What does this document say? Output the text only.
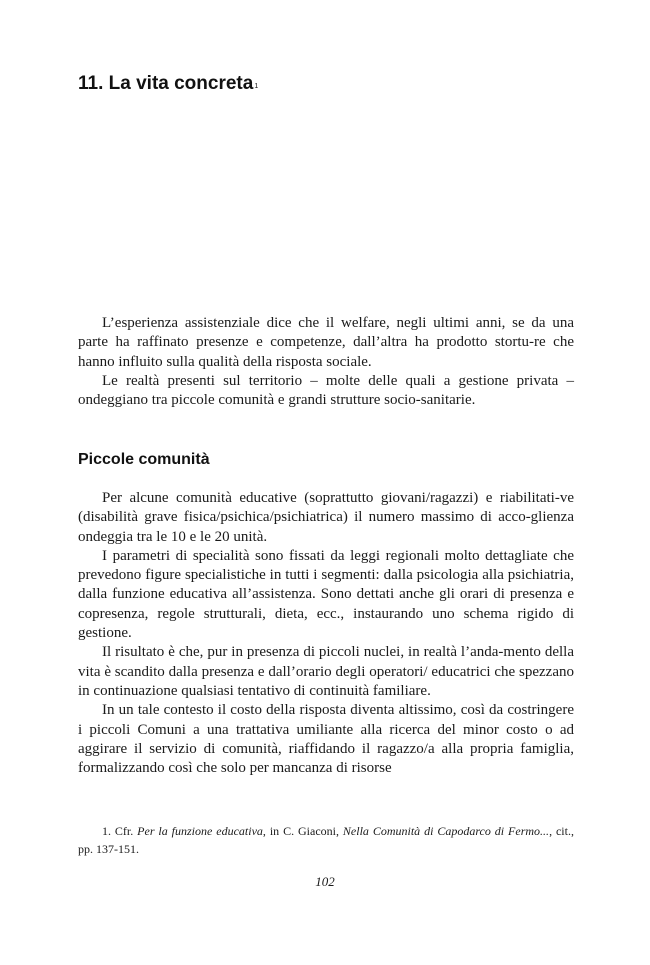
11. La vita concreta$^1$

L’esperienza assistenziale dice che il welfare, negli ultimi anni, se da una parte ha raffinato presenze e competenze, dall’altra ha prodotto stortu-re che hanno influito sulla qualità della risposta sociale.

Le realtà presenti sul territorio – molte delle quali a gestione privata – ondeggiano tra piccole comunità e grandi strutture socio-sanitarie.

Piccole comunità

Per alcune comunità educative (soprattutto giovani/ragazzi) e riabilitati-ve (disabilità grave fisica/psichica/psichiatrica) il numero massimo di acco-glienza ondeggia tra le 10 e le 20 unità.

I parametri di specialità sono fissati da leggi regionali molto dettagliate che prevedono figure specialistiche in tutti i segmenti: dalla psicologia alla psichiatria, dalla funzione educativa all’assistenza. Sono dettati anche gli orari di presenza e copresenza, regole strutturali, dieta, ecc., instaurando uno schema rigido di gestione.

Il risultato è che, pur in presenza di piccoli nuclei, in realtà l’anda-mento della vita è scandito dalla presenza e dall’orario degli operatori/ educatrici che spezzano in continuazione qualsiasi tentativo di continuità familiare.

In un tale contesto il costo della risposta diventa altissimo, così da costringere i piccoli Comuni a una trattativa umiliante alla ricerca del minor costo o ad aggirare il servizio di comunità, riaffidando il ragazzo/a alla propria famiglia, formalizzando così che solo per mancanza di risorse

1. Cfr. Per la funzione educativa, in C. Giaconi, Nella Comunità di Capodarco di Fermo..., cit., pp. 137-151.

102
